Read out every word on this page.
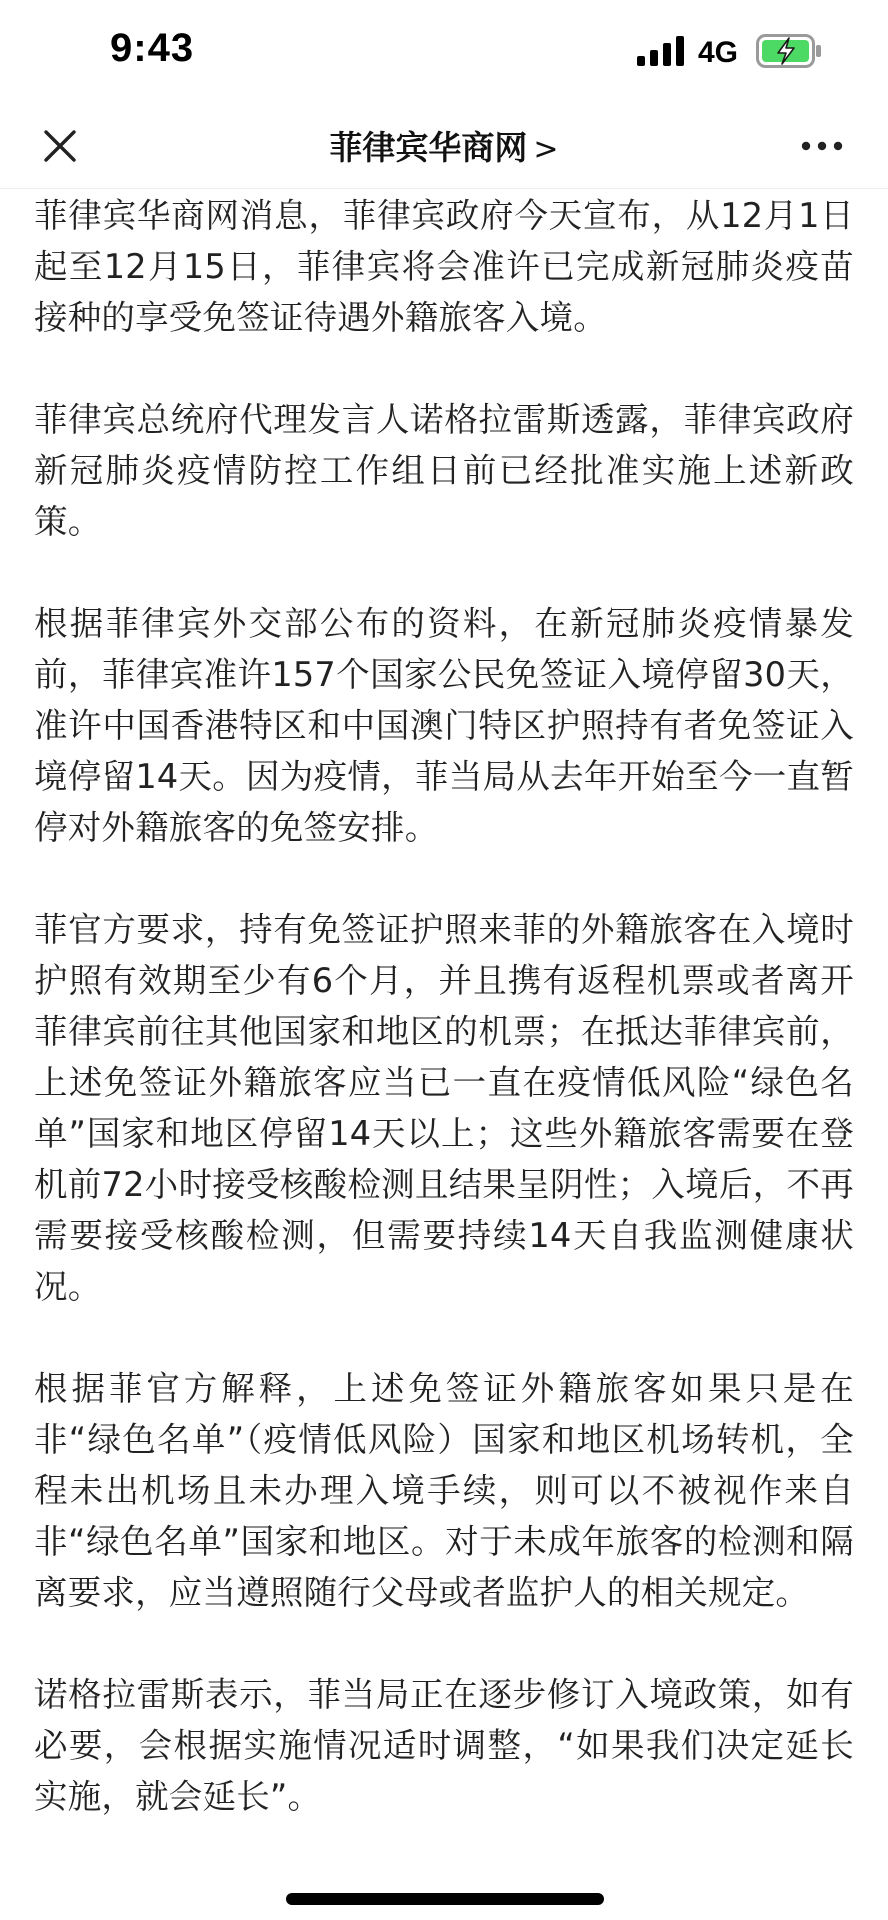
9:43	4G
菲律宾华商网 >

菲律宾华商网消息，菲律宾政府今天宣布，从12月1日起至12月15日，菲律宾将会准许已完成新冠肺炎疫苗接种的享受免签证待遇外籍旅客入境。

菲律宾总统府代理发言人诺格拉雷斯透露，菲律宾政府新冠肺炎疫情防控工作组日前已经批准实施上述新政策。

根据菲律宾外交部公布的资料，在新冠肺炎疫情暴发前，菲律宾准许157个国家公民免签证入境停留30天，准许中国香港特区和中国澳门特区护照持有者免签证入境停留14天。因为疫情，菲当局从去年开始至今一直暂停对外籍旅客的免签安排。

菲官方要求，持有免签证护照来菲的外籍旅客在入境时护照有效期至少有6个月，并且携有返程机票或者离开菲律宾前往其他国家和地区的机票；在抵达菲律宾前，上述免签证外籍旅客应当已一直在疫情低风险“绿色名单”国家和地区停留14天以上；这些外籍旅客需要在登机前72小时接受核酸检测且结果呈阴性；入境后，不再需要接受核酸检测，但需要持续14天自我监测健康状况。

根据菲官方解释，上述免签证外籍旅客如果只是在非“绿色名单”（疫情低风险）国家和地区机场转机，全程未出机场且未办理入境手续，则可以不被视作来自非“绿色名单”国家和地区。对于未成年旅客的检测和隔离要求，应当遵照随行父母或者监护人的相关规定。

诺格拉雷斯表示，菲当局正在逐步修订入境政策，如有必要，会根据实施情况适时调整，“如果我们决定延长实施，就会延长”。
